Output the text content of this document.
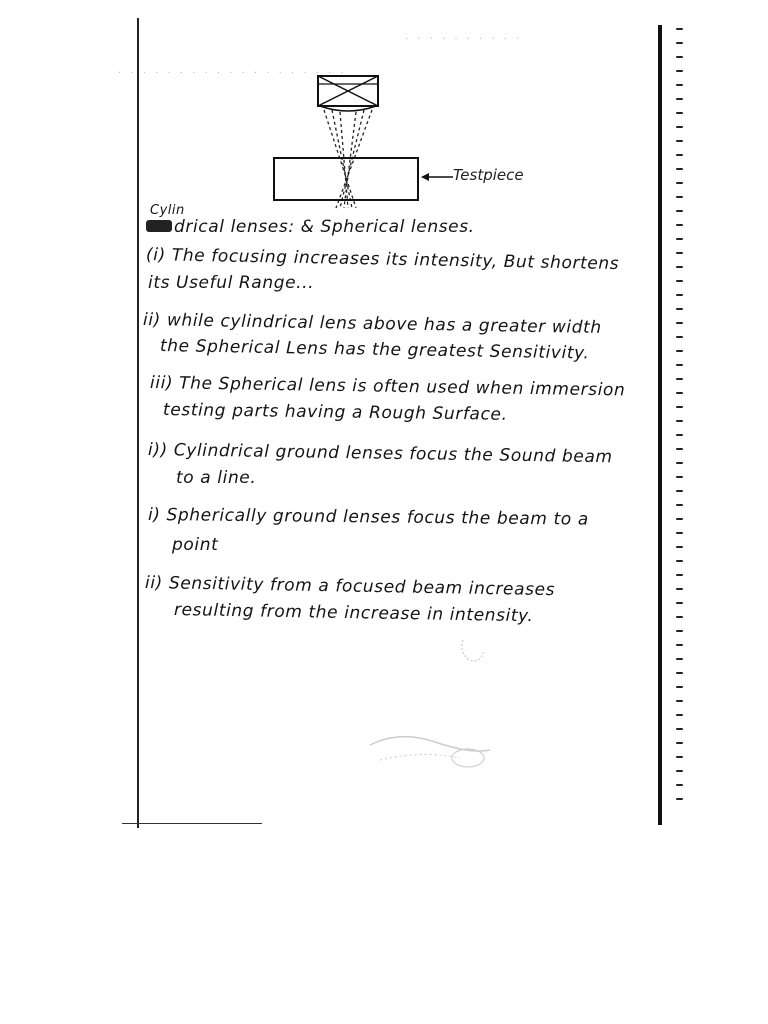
· · · · · · · · · ·
· · · · · · · · · · · · · · · · · · ·
Testpiece
Cylin
drical lenses: & Spherical lenses.
(i) The focusing increases its intensity, But shortens
its Useful Range...
ii) while cylindrical lens above has a greater width
the Spherical Lens has the greatest Sensitivity.
iii) The Spherical lens is often used when immersion
testing parts having a Rough Surface.
i)) Cylindrical ground lenses focus the Sound beam
to a line.
i) Spherically ground lenses focus the beam to a
point
ii) Sensitivity from a focused beam increases
resulting from the increase in intensity.
